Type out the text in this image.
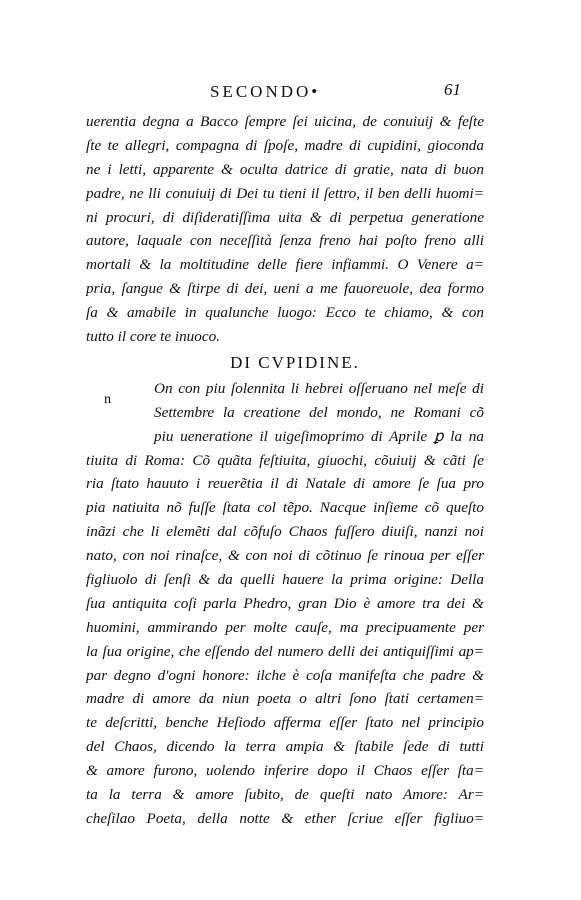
SECONDO•	61
uerentia degna a Bacco ſempre ſei uicina, de conuiuij & feſte
ſte te allegri, compagna di ſpoſe, madre di cupidini, gioconda
ne i letti, apparente & oculta datrice di gratie, nata di buon
padre, ne lli conuiuij di Dei tu tieni il ſettro, il ben delli huomi=
ni procuri, di diſideratiſſima uita & di perpetua generatione
autore, laquale con neceſſità ſenza freno hai poſto freno alli
mortali & la moltitudine delle fiere infiammi. O Venere a=
pria, ſangue & ſtirpe di dei, ueni a me fauoreuole, dea formo
ſa & amabile in qualunche luogo: Ecco te chiamo, & con
tutto il core te inuoco.
DI CVPIDINE.
On con piu ſolennita li hebrei oſſeruano nel meſe di
Settembre la creatione del mondo, ne Romani cõ
piu ueneratione il uigeſimoprimo di Aprile ꝑ la na
tiuita di Roma: Cõ quãta feſtiuita, giuochi, cõuiuij & cãti ſe
ria ſtato hauuto i reuerẽtia il di Natale di amore ſe ſua pro
pia natiuita nõ fuſſe ſtata col tẽpo. Nacque inſieme cõ queſto
inãzi che li elemẽti dal cõfuſo Chaos fuſſero diuiſi, nanzi noi
nato, con noi rinaſce, & con noi di cõtinuo ſe rinoua per eſſer
figliuolo di ſenſi & da quelli hauere la prima origine: Della
ſua antiquita coſi parla Phedro, gran Dio è amore tra dei &
huomini, ammirando per molte cauſe, ma precipuamente per
la ſua origine, che eſſendo del numero delli dei antiquiſſimi ap=
par degno d'ogni honore: ilche è coſa manifeſta che padre &
madre di amore da niun poeta o altri ſono ſtati certamen=
te deſcritti, benche Heſiodo afferma eſſer ſtato nel principio
del Chaos, dicendo la terra ampia & ſtabile ſede di tutti
& amore furono, uolendo inferire dopo il Chaos eſſer ſta=
ta la terra & amore ſubito, de queſti nato Amore: Ar=
cheſilao Poeta, della notte & ether ſcriue eſſer figliuo=
n
